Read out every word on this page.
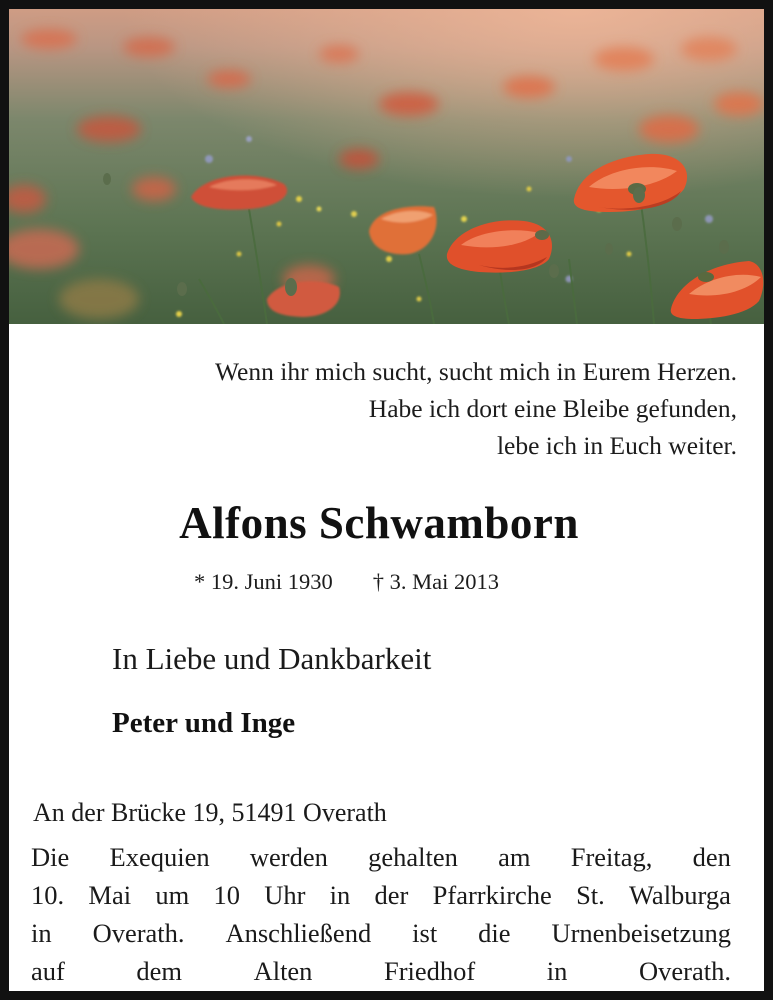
Wenn ihr mich sucht, sucht mich in Eurem Herzen.
Habe ich dort eine Bleibe gefunden,
lebe ich in Euch weiter.
Alfons Schwamborn
* 19. Juni 1930 † 3. Mai 2013
In Liebe und Dankbarkeit
Peter und Inge
An der Brücke 19, 51491 Overath
Die Exequien werden gehalten am Freitag, den
10. Mai um 10 Uhr in der Pfarrkirche St. Walburga
in Overath. Anschließend ist die Urnenbeisetzung
auf	dem	Alten	Friedhof	in	Overath.
